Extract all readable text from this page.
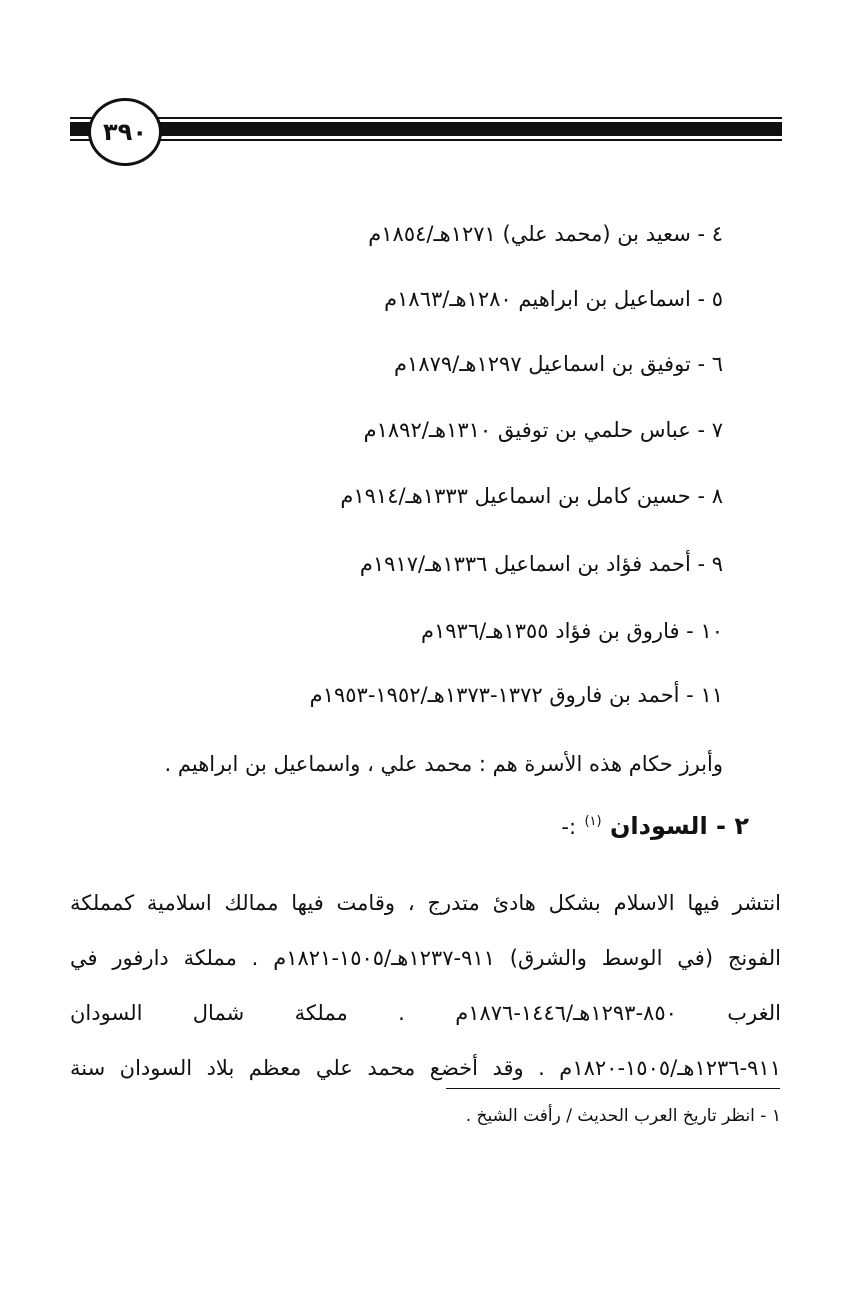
٣٩٠
٤ - سعيد بن (محمد علي) ١٢٧١هـ/١٨٥٤م
٥ - اسماعيل بن ابراهيم ١٢٨٠هـ/١٨٦٣م
٦ - توفيق بن اسماعيل ١٢٩٧هـ/١٨٧٩م
٧ - عباس حلمي بن توفيق ١٣١٠هـ/١٨٩٢م
٨ - حسين كامل بن اسماعيل ١٣٣٣هـ/١٩١٤م
٩ - أحمد فؤاد بن اسماعيل ١٣٣٦هـ/١٩١٧م
١٠ - فاروق بن فؤاد ١٣٥٥هـ/١٩٣٦م
١١ - أحمد بن فاروق ١٣٧٢-١٣٧٣هـ/١٩٥٢-١٩٥٣م
وأبرز حكام هذه الأسرة هم : محمد علي ، واسماعيل بن ابراهيم .
٢ - السودان $^{(١)}$ :-
انتشر فيها الاسلام بشكل هادئ متدرج ، وقامت فيها ممالك اسلامية كمملكة
الفونج (في الوسط والشرق) ٩١١-١٢٣٧هـ/١٥٠٥-١٨٢١م . مملكة دارفور في
الغرب ٨٥٠-١٢٩٣هـ/١٤٤٦-١٨٧٦م . مملكة شمال السودان
٩١١-١٢٣٦هـ/١٥٠٥-١٨٢٠م . وقد أخضع محمد علي معظم بلاد السودان سنة
١ - انظر تاريخ العرب الحديث / رأفت الشيخ .
